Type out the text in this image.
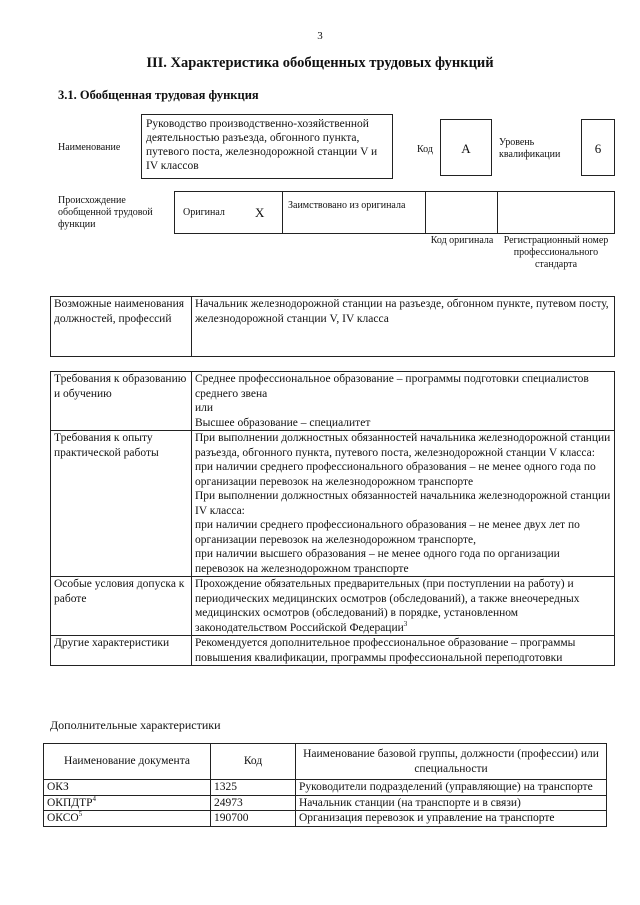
3
III. Характеристика обобщенных трудовых функций
3.1. Обобщенная трудовая функция
Наименование
Руководство производственно-хозяйственной деятельностью разъезда, обгонного пункта, путевого поста, железнодорожной станции V и IV классов
Код	А	Уровень квалификации	6
Происхождение обобщенной трудовой функции
Оригинал Х Заимствовано из оригинала
Код оригинала	Регистрационный номер профессионального стандарта
Возможные наименования должностей, профессий	Начальник железнодорожной станции на разъезде, обгонном пункте, путевом посту, железнодорожной станции V, IV класса
Требования к образованию и обучению	Среднее профессиональное образование – программы подготовки специалистов среднего звена
или
Высшее образование – специалитет

Требования к опыту практической работы	При выполнении должностных обязанностей начальника железнодорожной станции разъезда, обгонного пункта, путевого поста, железнодорожной станции V класса:
при наличии среднего профессионального образования – не менее одного года по организации перевозок на железнодорожном транспорте
При выполнении должностных обязанностей начальника железнодорожной станции IV класса:
при наличии среднего профессионального образования – не менее двух лет по организации перевозок на железнодорожном транспорте,
при наличии высшего образования – не менее одного года по организации перевозок на железнодорожном транспорте

Особые условия допуска к работе	Прохождение обязательных предварительных (при поступлении на работу) и периодических медицинских осмотров (обследований), а также внеочередных медицинских осмотров (обследований) в порядке, установленном законодательством Российской Федерации$^3$
Другие характеристики	Рекомендуется дополнительное профессиональное образование – программы повышения квалификации, программы профессиональной переподготовки
Дополнительные характеристики
Наименование документа	Код	Наименование базовой группы, должности (профессии) или специальности
ОКЗ	1325	Руководители подразделений (управляющие) на транспорте
ОКПДТР$^4$	24973	Начальник станции (на транспорте и в связи)
ОКСО$^5$	190700	Организация перевозок и управление на транспорте
